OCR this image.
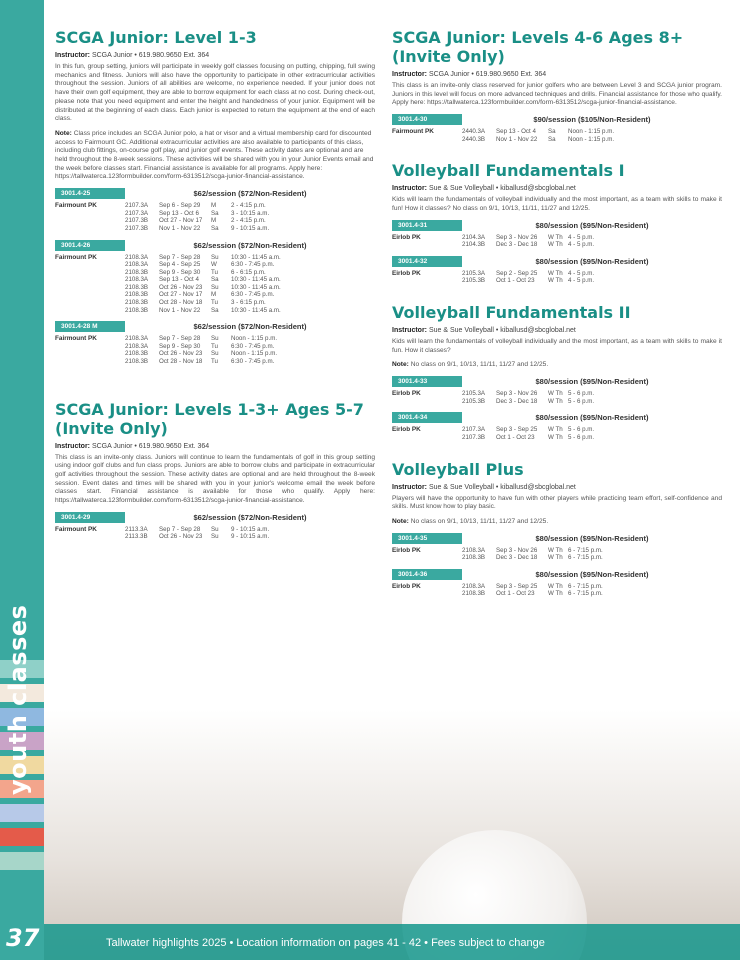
youth classes
SCGA Junior: Level 1-3
Instructor: SCGA Junior • 619.980.9650 Ext. 364

In this fun, group setting, juniors will participate in weekly golf classes focusing on putting, chipping, full swing mechanics and fitness. Juniors will also have the opportunity to participate in other extracurricular activities throughout the session. Juniors of all abilities are welcome, no experience needed. If your junior does not have their own golf equipment, they are able to borrow equipment for each class at no cost. During check-out, please note that you need equipment and enter the height and handedness of your junior. Equipment will be distributed at the beginning of each class. Each junior is expected to return the equipment at the end of each class.

Note: Class price includes an SCGA Junior polo, a hat or visor and a virtual membership card for discounted access to Fairmount GC. Additional extracurricular activities are also available to participants of this class, including club fittings, on-course golf play, and junior golf events. These activity dates are optional and are held throughout the 8-week sessions. These activities will be shared with you in your Junior Events email and the week before classes start. Financial assistance is available for all programs. Apply here: https://tallwaterca.123formbuilder.com/form-6313512/scga-junior-financial-assistance.

3001.4-25	$62/session ($72/Non-Resident)
Fairmount PK	2107.3A	Sep 6 - Sep 29	M	2 - 4:15 p.m.
2107.3A	Sep 13 - Oct 6	Sa	3 - 10:15 a.m.
2107.3B	Oct 27 - Nov 17	M	2 - 4:15 p.m.
2107.3B	Nov 1 - Nov 22	Sa	9 - 10:15 a.m.
3001.4-26	$62/session ($72/Non-Resident)
Fairmount PK	2108.3A	Sep 7 - Sep 28	Su	10:30 - 11:45 a.m.
2108.3A	Sep 4 - Sep 25	W	6:30 - 7:45 p.m.
2108.3B	Sep 9 - Sep 30	Tu	6 - 6:15 p.m.
2108.3A	Sep 13 - Oct 4	Sa	10:30 - 11:45 a.m.
2108.3B	Oct 26 - Nov 23	Su	10:30 - 11:45 a.m.
2108.3B	Oct 27 - Nov 17	M	6:30 - 7:45 p.m.
2108.3B	Oct 28 - Nov 18	Tu	3 - 6:15 p.m.
2108.3B	Nov 1 - Nov 22	Sa	10:30 - 11:45 a.m.
3001.4-28 M	$62/session ($72/Non-Resident)
Fairmount PK	2108.3A	Sep 7 - Sep 28	Su	Noon - 1:15 p.m.
2108.3A	Sep 9 - Sep 30	Tu	6:30 - 7:45 p.m.
2108.3B	Oct 26 - Nov 23	Su	Noon - 1:15 p.m.
2108.3B	Oct 28 - Nov 18	Tu	6:30 - 7:45 p.m.
SCGA Junior: Levels 1-3+ Ages 5-7 (Invite Only)
Instructor: SCGA Junior • 619.980.9650 Ext. 364

This class is an invite-only class. Juniors will continue to learn the fundamentals of golf in this group setting using indoor golf clubs and fun class props. Juniors are able to borrow clubs and participate in extracurricular golf activities throughout the session. These activity dates are optional and are held throughout the 8-week session. Event dates and times will be shared with you in your junior's welcome email the week before classes start. Financial assistance is available for those who qualify. Apply here: https://tallwaterca.123formbuilder.com/form-6313512/scga-junior-financial-assistance.

3001.4-29	$62/session ($72/Non-Resident)
Fairmount PK	2113.3A	Sep 7 - Sep 28	Su	9 - 10:15 a.m.
2113.3B	Oct 26 - Nov 23	Su	9 - 10:15 a.m.
SCGA Junior: Levels 4-6 Ages 8+ (Invite Only)
Instructor: SCGA Junior • 619.980.9650 Ext. 364

This class is an invite-only class reserved for junior golfers who are between Level 3 and SCGA junior program. Juniors in this level will focus on more advanced techniques and drills. Financial assistance for those who qualify. Apply here: https://tallwaterca.123formbuilder.com/form-6313512/scga-junior-financial-assistance.

3001.4-30	$90/session ($105/Non-Resident)
Fairmount PK	2440.3A	Sep 13 - Oct 4	Sa	Noon - 1:15 p.m.
2440.3B	Nov 1 - Nov 22	Sa	Noon - 1:15 p.m.
Volleyball Fundamentals I
Instructor: Sue & Sue Volleyball • kiballusd@sbcglobal.net

Kids will learn the fundamentals of volleyball individually and the most important, as a team with skills to make it fun! How it classes? No class on 9/1, 10/13, 11/11, 11/27 and 12/25.

3001.4-31	$80/session ($95/Non-Resident)
Eirlob PK	2104.3A	Sep 3 - Nov 26	W Th 4 - 5 p.m.
2104.3B	Dec 3 - Dec 18	W Th 4 - 5 p.m.
3001.4-32	$80/session ($95/Non-Resident)
Eirlob PK	2105.3A	Sep 2 - Sep 25	W Th 4 - 5 p.m.
2105.3B	Oct 1 - Oct 23	W Th 4 - 5 p.m.
Volleyball Fundamentals II
Instructor: Sue & Sue Volleyball • kiballusd@sbcglobal.net

Kids will learn the fundamentals of volleyball individually and the most important, as a team with skills to make it fun. How it classes?

Note: No class on 9/1, 10/13, 11/11, 11/27 and 12/25.

3001.4-33	$80/session ($95/Non-Resident)
Eirlob PK	2105.3A	Sep 3 - Nov 26	W Th 5 - 6 p.m.
2105.3B	Dec 3 - Dec 18	W Th 5 - 6 p.m.
3001.4-34	$80/session ($95/Non-Resident)
Eirlob PK	2107.3A	Sep 3 - Sep 25	W Th 5 - 6 p.m.
2107.3B	Oct 1 - Oct 23	W Th 5 - 6 p.m.
Volleyball Plus
Instructor: Sue & Sue Volleyball • kiballusd@sbcglobal.net

Players will have the opportunity to have fun with other players while practicing team effort, self-confidence and skills. Must know how to play basic.

Note: No class on 9/1, 10/13, 11/11, 11/27 and 12/25.

3001.4-35	$80/session ($95/Non-Resident)
Eirlob PK	2108.3A	Sep 3 - Nov 26	W Th 6 - 7:15 p.m.
2108.3B	Dec 3 - Dec 18	W Th 6 - 7:15 p.m.
3001.4-36	$80/session ($95/Non-Resident)
Eirlob PK	2108.3A	Sep 3 - Sep 25	W Th 6 - 7:15 p.m.
2108.3B	Oct 1 - Oct 23	W Th 6 - 7:15 p.m.
Tallwater highlights 2025 • Location information on pages 41 - 42 • Fees subject to change
37
